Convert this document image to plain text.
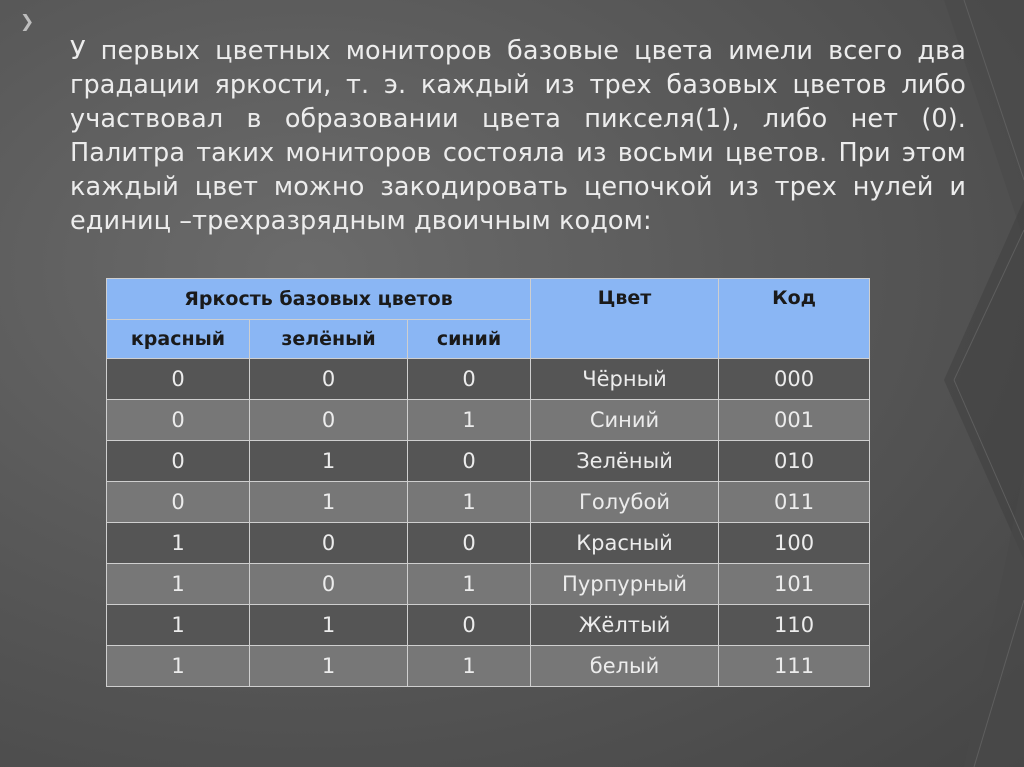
❯

У первых цветных мониторов базовые цвета имели всего два градации яркости, т. э. каждый из трех базовых цветов либо участвовал в образовании цвета пикселя(1), либо нет (0). Палитра таких мониторов состояла из восьми цветов. При этом каждый цвет можно закодировать цепочкой из трех нулей и единиц –трехразрядным двоичным кодом:

Яркость базовых цветов			Цвет	Код
красный	зелёный	синий		
0	0	0	Чёрный	000
0	0	1	Синий	001
0	1	0	Зелёный	010
0	1	1	Голубой	011
1	0	0	Красный	100
1	0	1	Пурпурный	101
1	1	0	Жёлтый	110
1	1	1	белый	111
